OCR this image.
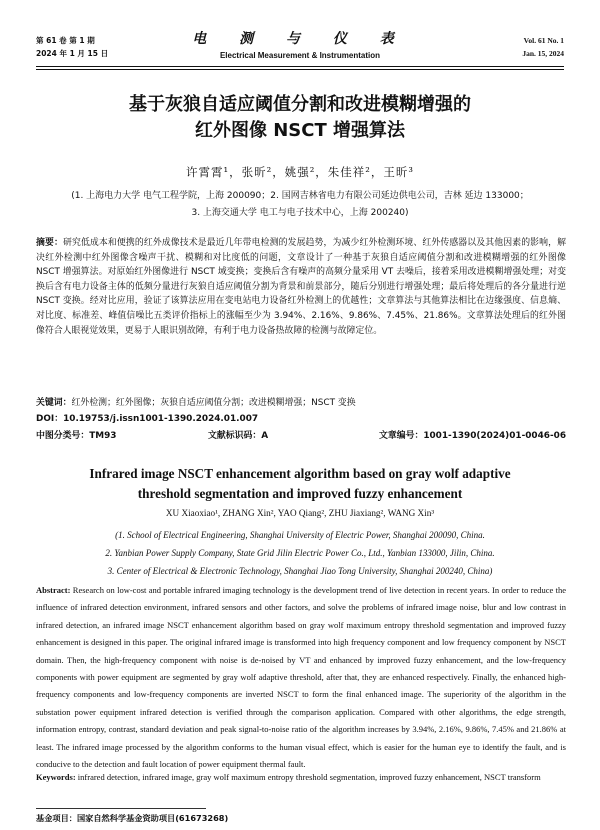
第 61 卷 第 1 期
2024 年 1 月 15 日
电 测 与 仪 表
Electrical Measurement & Instrumentation
Vol. 61 No. 1
Jan. 15, 2024
基于灰狼自适应阈值分割和改进模糊增强的
红外图像 NSCT 增强算法
许霄霄¹，张昕²，姚强²，朱佳祥²，王昕³
(1. 上海电力大学 电气工程学院，上海 200090；2. 国网吉林省电力有限公司延边供电公司，吉林 延边 133000；
3. 上海交通大学 电工与电子技术中心，上海 200240)
摘要：研究低成本和便携的红外成像技术是最近几年带电检测的发展趋势，为减少红外检测环境、红外传感器以及其他因素的影响，解决红外检测中红外图像含噪声干扰、模糊和对比度低的问题，文章设计了一种基于灰狼自适应阈值分割和改进模糊增强的红外图像 NSCT 增强算法。对原始红外图像进行 NSCT 域变换；变换后含有噪声的高频分量采用 VT 去噪后，接着采用改进模糊增强处理；对变换后含有电力设备主体的低频分量进行灰狼自适应阈值分割为背景和前景部分，随后分别进行增强处理；最后将处理后的各分量进行逆 NSCT 变换。经对比应用，验证了该算法应用在变电站电力设备红外检测上的优越性；文章算法与其他算法相比在边缘强度、信息熵、对比度、标准差、峰值信噪比五类评价指标上的涨幅至少为 3.94%、2.16%、9.86%、7.45%、21.86%。文章算法处理后的红外图像符合人眼视觉效果，更易于人眼识别故障，有利于电力设备热故障的检测与故障定位。
关键词：红外检测；红外图像；灰狼自适应阈值分割；改进模糊增强；NSCT 变换
DOI：10.19753/j.issn1001-1390.2024.01.007
中图分类号：TM93	文献标识码：A	文章编号：1001-1390(2024)01-0046-06
Infrared image NSCT enhancement algorithm based on gray wolf adaptive
threshold segmentation and improved fuzzy enhancement
XU Xiaoxiao¹, ZHANG Xin², YAO Qiang², ZHU Jiaxiang², WANG Xin³
(1. School of Electrical Engineering, Shanghai University of Electric Power, Shanghai 200090, China.
2. Yanbian Power Supply Company, State Grid Jilin Electric Power Co., Ltd., Yanbian 133000, Jilin, China.
3. Center of Electrical & Electronic Technology, Shanghai Jiao Tong University, Shanghai 200240, China)
Abstract: Research on low-cost and portable infrared imaging technology is the development trend of live detection in recent years. In order to reduce the influence of infrared detection environment, infrared sensors and other factors, and solve the problems of infrared image noise, blur and low contrast in infrared detection, an infrared image NSCT enhancement algorithm based on gray wolf maximum entropy threshold segmentation and improved fuzzy enhancement is designed in this paper. The original infrared image is transformed into high frequency component and low frequency component by NSCT domain. Then, the high-frequency component with noise is de-noised by VT and enhanced by improved fuzzy enhancement, and the low-frequency components with power equipment are segmented by gray wolf adaptive threshold, after that, they are enhanced respectively. Finally, the enhanced high-frequency components and low-frequency components are inverted NSCT to form the final enhanced image. The superiority of the algorithm in the substation power equipment infrared detection is verified through the comparison application. Compared with other algorithms, the edge strength, information entropy, contrast, standard deviation and peak signal-to-noise ratio of the algorithm increases by 3.94%, 2.16%, 9.86%, 7.45% and 21.86% at least. The infrared image processed by the algorithm conforms to the human visual effect, which is easier for the human eye to identify the fault, and is conducive to the detection and fault location of power equipment thermal fault.
Keywords: infrared detection, infrared image, gray wolf maximum entropy threshold segmentation, improved fuzzy enhancement, NSCT transform
基金项目：国家自然科学基金资助项目(61673268)
